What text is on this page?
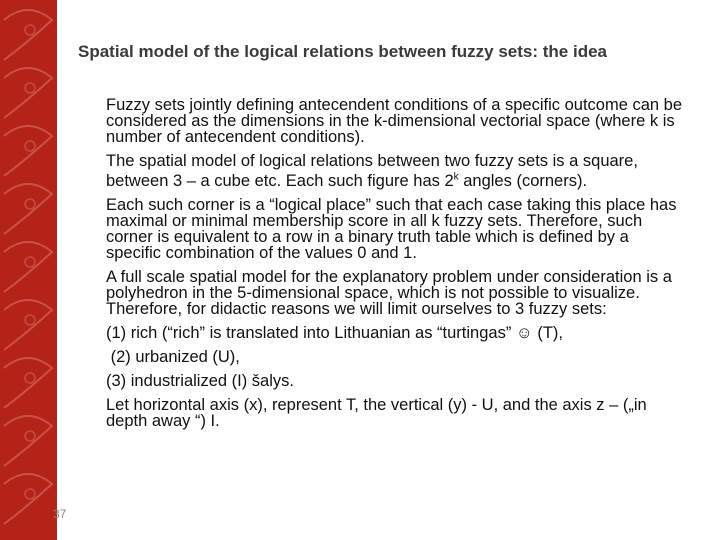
Spatial model of the logical relations between fuzzy sets: the idea
Fuzzy sets jointly defining antecendent conditions of a specific outcome can be considered as the dimensions in the k-dimensional vectorial space (where k is number of antecendent conditions).
The spatial model of logical relations between two fuzzy sets is a square, between 3 – a cube etc. Each such figure has 2$^k$ angles (corners).
Each such corner is a “logical place” such that each case taking this place has maximal or minimal membership score in all k fuzzy sets. Therefore, such corner is equivalent to a row in a binary truth table which is defined by a specific combination of the values 0 and 1.
A full scale spatial model for the explanatory problem under consideration is a polyhedron in the 5-dimensional space, which is not possible to visualize. Therefore, for didactic reasons we will limit ourselves to 3 fuzzy sets:
(1) rich (“rich” is translated into Lithuanian as “turtingas” ☺ (T),
(2) urbanized (U),
(3) industrialized (I) šalys.
Let horizontal axis (x), represent T, the vertical (y) - U, and the axis z – („in depth away “) I.
37
